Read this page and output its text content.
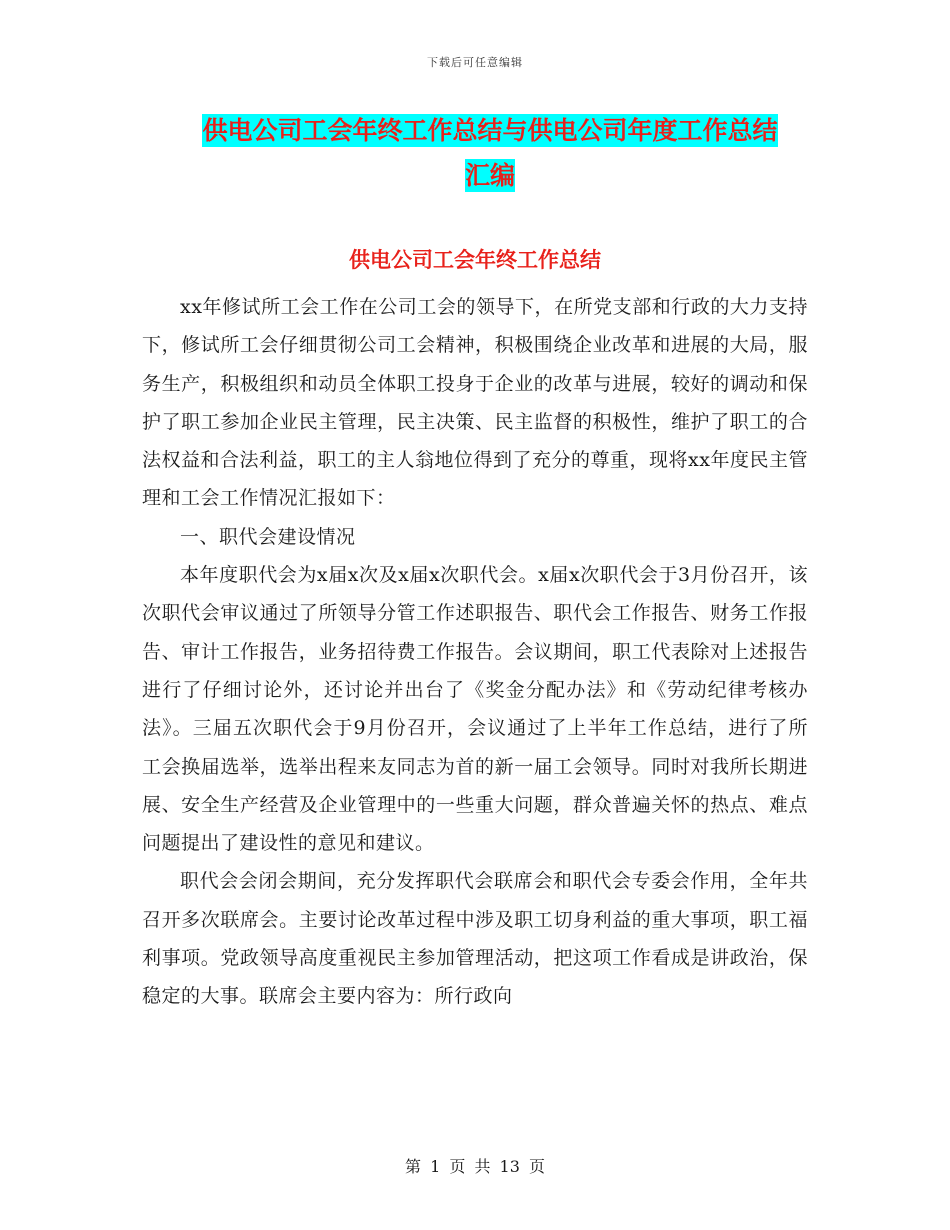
下载后可任意编辑
供电公司工会年终工作总结与供电公司年度工作总结
汇编
供电公司工会年终工作总结

xx年修试所工会工作在公司工会的领导下，在所党支部和行政的大力支持下，修试所工会仔细贯彻公司工会精神，积极围绕企业改革和进展的大局，服务生产，积极组织和动员全体职工投身于企业的改革与进展，较好的调动和保护了职工参加企业民主管理，民主决策、民主监督的积极性，维护了职工的合法权益和合法利益，职工的主人翁地位得到了充分的尊重，现将xx年度民主管理和工会工作情况汇报如下：

一、职代会建设情况

本年度职代会为x届x次及x届x次职代会。x届x次职代会于3月份召开，该次职代会审议通过了所领导分管工作述职报告、职代会工作报告、财务工作报告、审计工作报告，业务招待费工作报告。会议期间，职工代表除对上述报告进行了仔细讨论外，还讨论并出台了《奖金分配办法》和《劳动纪律考核办法》。三届五次职代会于9月份召开，会议通过了上半年工作总结，进行了所工会换届选举，选举出程来友同志为首的新一届工会领导。同时对我所长期进展、安全生产经营及企业管理中的一些重大问题，群众普遍关怀的热点、难点问题提出了建设性的意见和建议。

职代会会闭会期间，充分发挥职代会联席会和职代会专委会作用，全年共召开多次联席会。主要讨论改革过程中涉及职工切身利益的重大事项，职工福利事项。党政领导高度重视民主参加管理活动，把这项工作看成是讲政治，保稳定的大事。联席会主要内容为：所行政向

第 1 页 共 13 页
